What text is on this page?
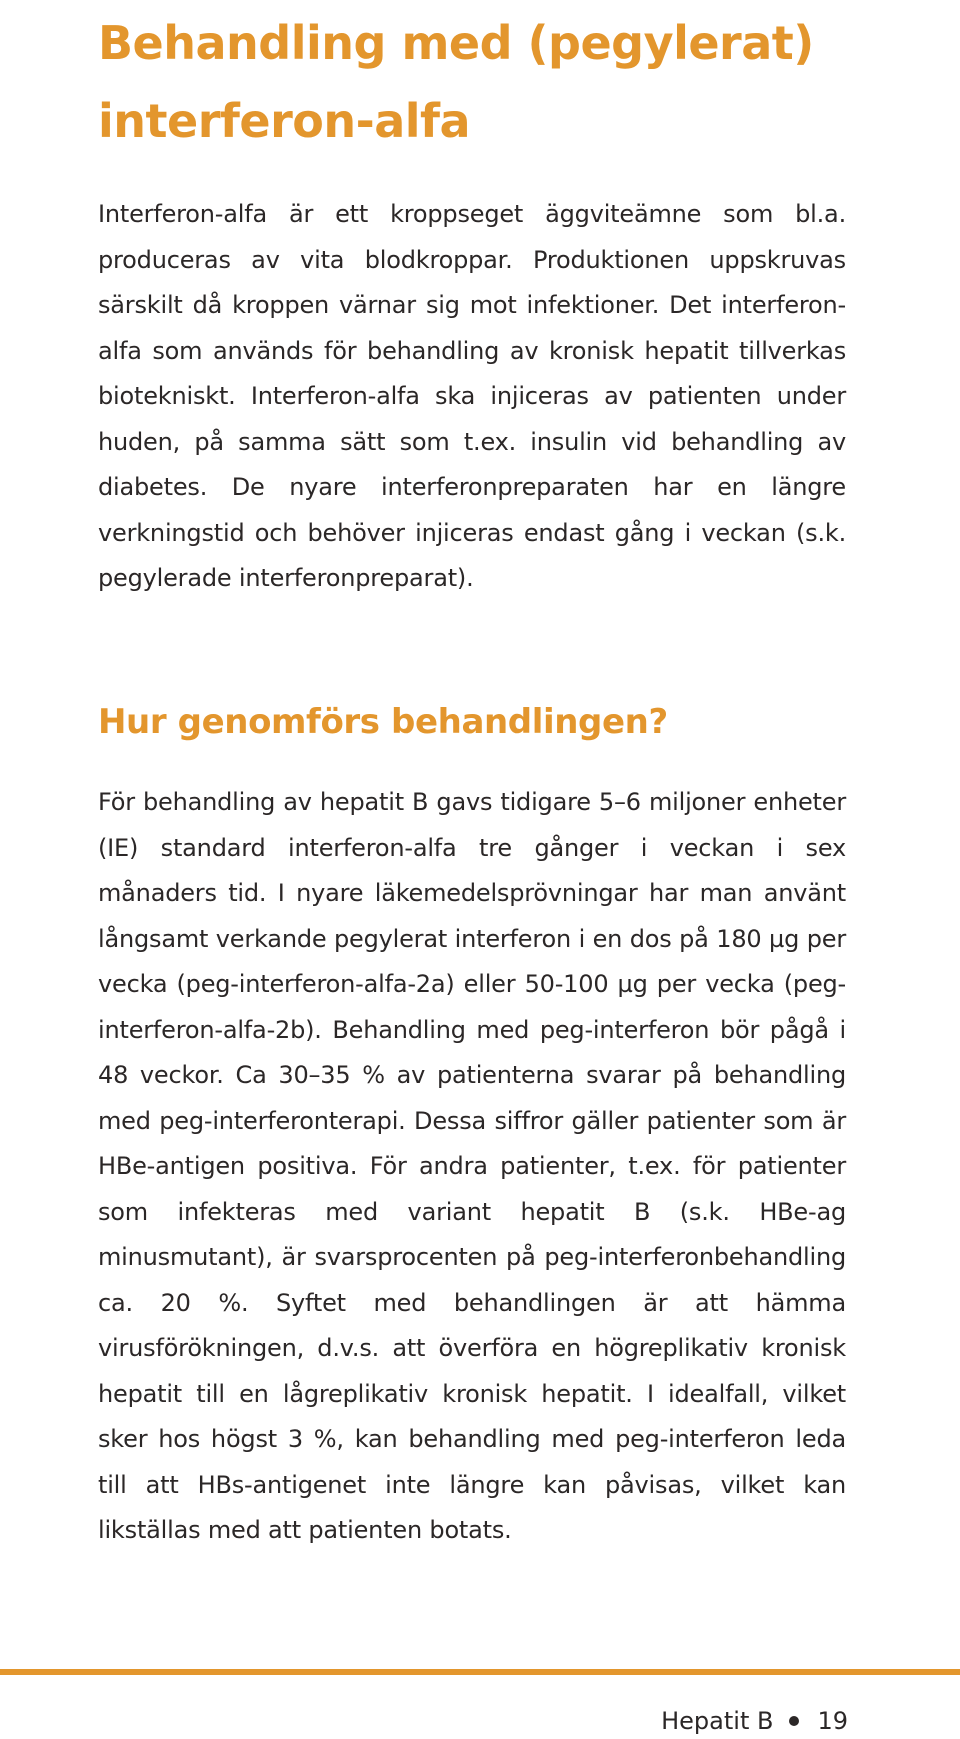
Behandling med (pegylerat) interferon-alfa

Interferon-alfa är ett kroppseget äggviteämne som bl.a. produceras av vita blodkroppar. Produktionen uppskruvas särskilt då kroppen värnar sig mot infektioner. Det interferon-alfa som används för behandling av kronisk hepatit tillverkas biotekniskt. Interferon-alfa ska injiceras av patienten under huden, på samma sätt som t.ex. insulin vid behandling av diabetes. De nyare interferonpreparaten har en längre verkningstid och behöver injiceras endast gång i veckan (s.k. pegylerade interferonpreparat).

Hur genomförs behandlingen?

För behandling av hepatit B gavs tidigare 5–6 miljoner enheter (IE) standard interferon-alfa tre gånger i veckan i sex månaders tid. I nyare läkemedelsprövningar har man använt långsamt verkande pegylerat interferon i en dos på 180 µg per vecka (peg-interferon-alfa-2a) eller 50-100 µg per vecka (peg-interferon-alfa-2b). Behandling med peg-interferon bör pågå i 48 veckor. Ca 30–35 % av patienterna svarar på behandling med peg-interferonterapi. Dessa siffror gäller patienter som är HBe-antigen positiva. För andra patienter, t.ex. för patienter som infekteras med variant hepatit B (s.k. HBe-ag minusmutant), är svarsprocenten på peg-interferonbehandling ca. 20 %. Syftet med behandlingen är att hämma virusförökningen, d.v.s. att överföra en högreplikativ kronisk hepatit till en lågreplikativ kronisk hepatit. I idealfall, vilket sker hos högst 3 %, kan behandling med peg-interferon leda till att HBs-antigenet inte längre kan påvisas, vilket kan likställas med att patienten botats.

Hepatit B 19
